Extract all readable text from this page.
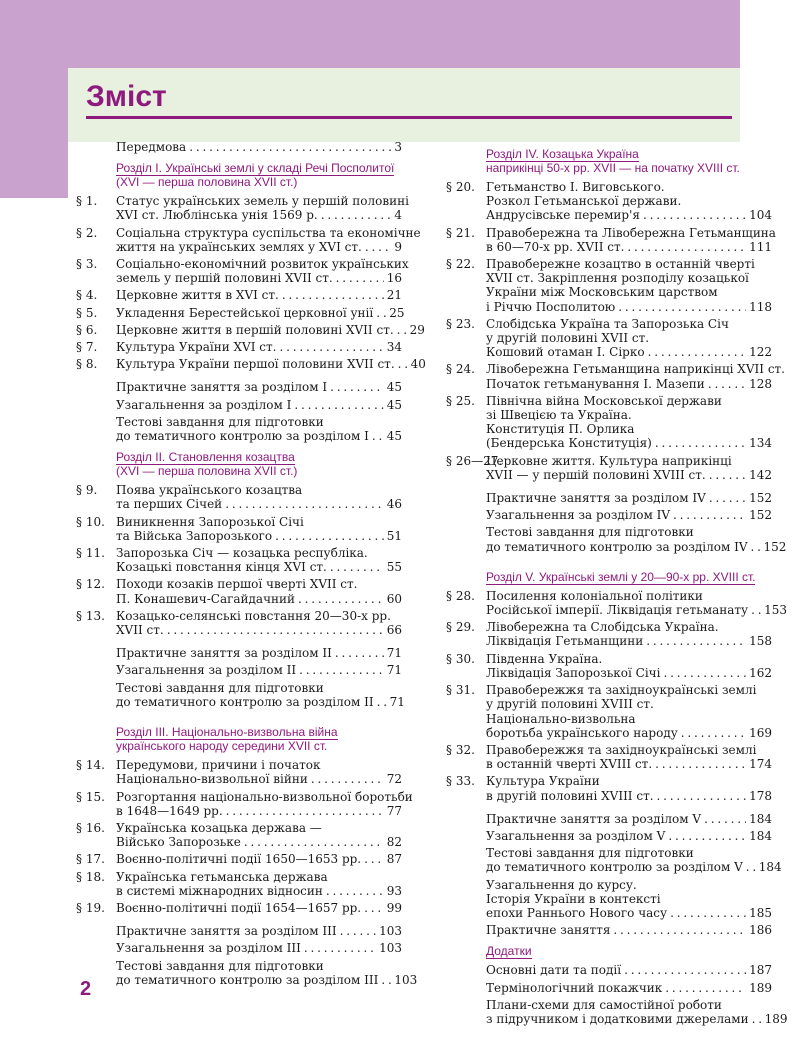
Зміст
Передмова . . .	3
Розділ І. Українські землі у складі Речі Посполитої
(XVI — перша половина XVII ст.)
§ 1.	Статус українських земель у першій половині
XVI ст. Люблінська унія 1569 р. . . .	4
§ 2.	Соціальна структура суспільства та економічне
життя на українських землях у XVI ст. . . .	9
§ 3.	Соціально-економічний розвиток українських
земель у першій половині XVII ст. . . .	16
§ 4.	Церковне життя в XVI ст. . . .	21
§ 5.	Укладення Берестейської церковної унії . . . 25
§ 6.	Церковне життя в першій половині XVII ст. . . . 29
§ 7.	Культура України XVI ст. . . .	34
§ 8.	Культура України першої половини XVII ст. . . . 40
Практичне заняття за розділом І . . .	45
Узагальнення за розділом І . . .	45
Тестові завдання для підготовки
до тематичного контролю за розділом І . . . 45
Розділ ІІ. Становлення козацтва
(XVI — перша половина XVII ст.)
§ 9.	Поява українського козацтва
та перших Січей . . .	46
§ 10. Виникнення Запорозької Січі
та Війська Запорозького . . .	51
§ 11. Запорозька Січ — козацька республіка.
Козацькі повстання кінця XVI ст. . . .	55
§ 12. Походи козаків першої чверті XVII ст.
П. Конашевич-Сагайдачний . . .	60
§ 13. Козацько-селянські повстання 20—30-х рр.
XVII ст. . . .	66
Практичне заняття за розділом ІІ . . .	71
Узагальнення за розділом ІІ . . .	71
Тестові завдання для підготовки
до тематичного контролю за розділом ІІ . . . 71
Розділ ІІІ. Національно-визвольна війна
українського народу середини XVII ст.
§ 14. Передумови, причини і початок
Національно-визвольної війни . . .	72
§ 15. Розгортання національно-визвольної боротьби
в 1648—1649 рр. . . .	77
§ 16. Українська козацька держава —
Військо Запорозьке . . .	82
§ 17. Воєнно-політичні події 1650—1653 рр. . . . 87
§ 18. Українська гетьманська держава
в системі міжнародних відносин . . .	93
§ 19. Воєнно-політичні події 1654—1657 рр. . . . 99
Практичне заняття за розділом ІІІ . . .	103
Узагальнення за розділом ІІІ . . .	103
Тестові завдання для підготовки
до тематичного контролю за розділом ІІІ . . . 103
Розділ IV. Козацька Україна
наприкінці 50-х рр. XVII — на початку XVIII ст.
§ 20. Гетьманство І. Виговського.
Розкол Гетьманської держави.
Андрусівське перемир'я . . .	104
§ 21. Правобережна та Лівобережна Гетьманщина
в 60—70-х рр. XVII ст. . . .	111
§ 22. Правобережне козацтво в останній чверті
XVII ст. Закріплення розподілу козацької
України між Московським царством
і Річчю Посполитою . . .	118
§ 23. Слобідська Україна та Запорозька Січ
у другій половині XVII ст.
Кошовий отаман І. Сірко . . .	122
§ 24. Лівобережна Гетьманщина наприкінці XVII ст.
Початок гетьманування І. Мазепи . . .	128
§ 25. Північна війна Московської держави
зі Швецією та Україна.
Конституція П. Орлика
(Бендерська Конституція) . . .	134
§ 26—27.
Церковне життя. Культура наприкінці
XVII — у першій половині XVIII ст. . . .	142
Практичне заняття за розділом IV . . .	152
Узагальнення за розділом IV . . .	152
Тестові завдання для підготовки
до тематичного контролю за розділом IV . . . 152
Розділ V. Українські землі у 20—90-х рр. XVIII ст.
§ 28. Посилення колоніальної політики
Російської імперії. Ліквідація гетьманату . . . 153
§ 29. Лівобережна та Слобідська Україна.
Ліквідація Гетьманщини . . .	158
§ 30. Південна Україна.
Ліквідація Запорозької Січі . . .	162
§ 31. Правобережжя та західноукраїнські землі
у другій половині XVIII ст.
Національно-визвольна
боротьба українського народу . . .	169
§ 32. Правобережжя та західноукраїнські землі
в останній чверті XVIII ст. . . .	174
§ 33. Культура України
в другій половині XVIII ст. . . .	178
Практичне заняття за розділом V . . .	184
Узагальнення за розділом V . . .	184
Тестові завдання для підготовки
до тематичного контролю за розділом V . . . 184
Узагальнення до курсу.
Історія України в контексті
епохи Раннього Нового часу . . .	185
Практичне заняття . . .	186
Додатки
Основні дати та події . . .	187
Термінологічний покажчик . . .	189
Плани-схеми для самостійної роботи
з підручником і додатковими джерелами . . . 189
2
